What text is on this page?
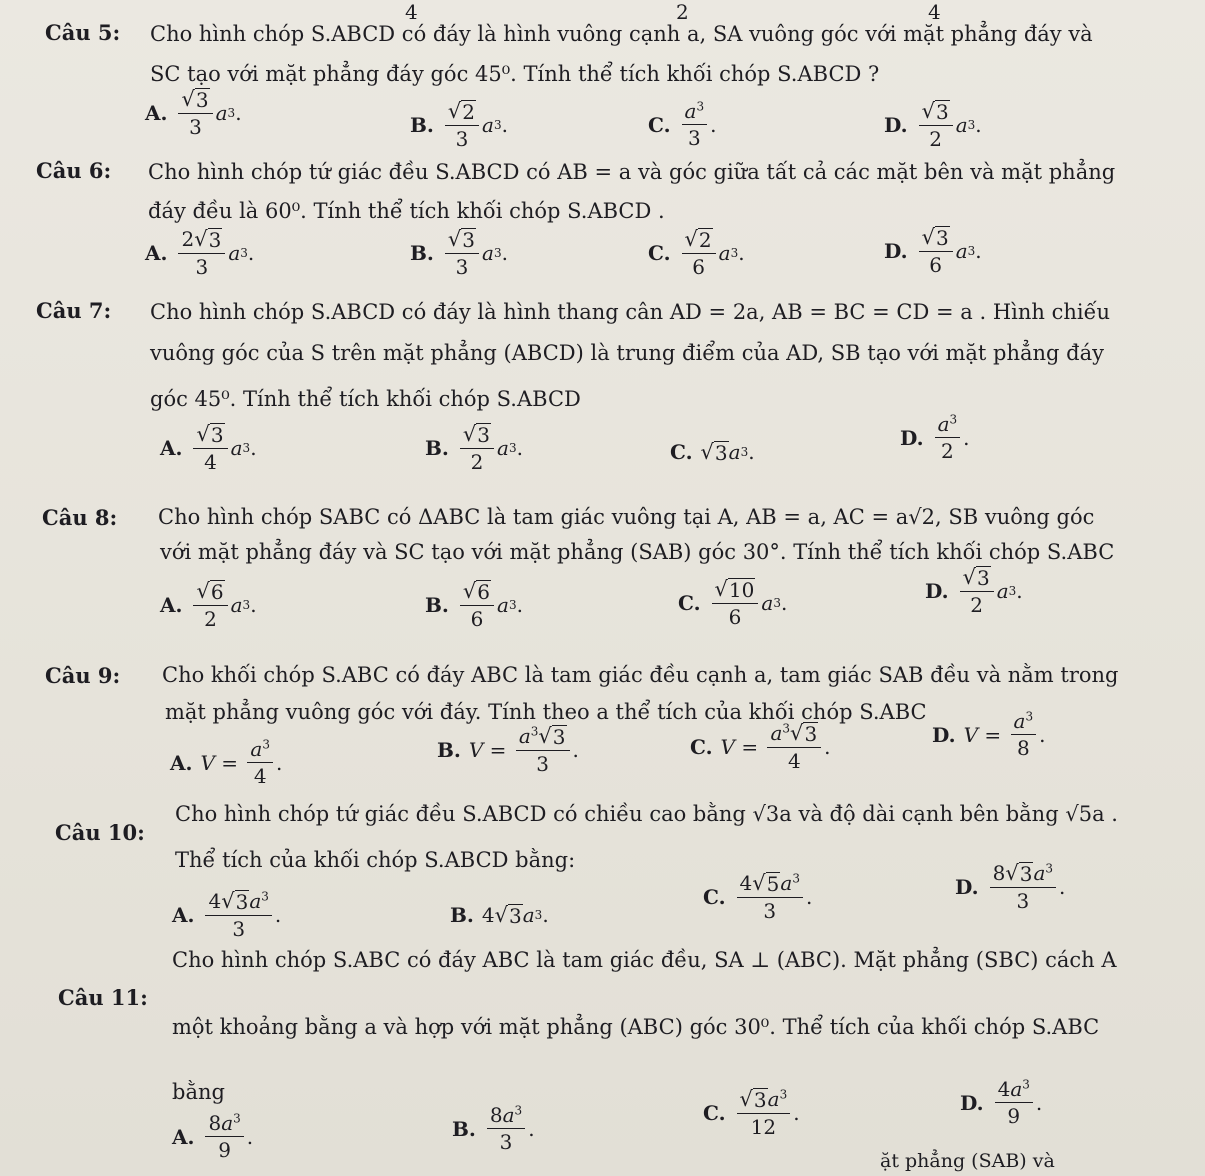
4	2	4
Câu 5: Cho hình chóp S.ABCD có đáy là hình vuông cạnh a, SA vuông góc với mặt phẳng đáy và
SC tạo với mặt phẳng đáy góc 45⁰. Tính thể tích khối chóp S.ABCD ?
A. $\frac{√ 3}{3}$ a 3 .	B. $\frac{√ 2}{3}$ a 3 .	C. $\frac{a^3}{3}$ .	D. $\frac{√ 3}{2}$ a 3 .
Câu 6: Cho hình chóp tứ giác đều S.ABCD có AB = a và góc giữa tất cả các mặt bên và mặt phẳng
đáy đều là 60⁰. Tính thể tích khối chóp S.ABCD .
A. $\frac{2 √ 3}{3}$ a 3 .	B. $\frac{√ 3}{3}$ a 3 .	C. $\frac{√ 2}{6}$ a 3 .	D. $\frac{√ 3}{6}$ a 3 .
Câu 7: Cho hình chóp S.ABCD có đáy là hình thang cân AD = 2a, AB = BC = CD = a . Hình chiếu
vuông góc của S trên mặt phẳng (ABCD) là trung điểm của AD, SB tạo với mặt phẳng đáy
góc 45⁰. Tính thể tích khối chóp S.ABCD
A. $\frac{√ 3}{4}$ a 3 .	B. $\frac{√ 3}{2}$ a 3 .	C. √ 3 a 3 .
D. $\frac{a^3}{2}$ .
Câu 8: Cho hình chóp SABC có ΔABC là tam giác vuông tại A, AB = a, AC = a√2, SB vuông góc
với mặt phẳng đáy và SC tạo với mặt phẳng (SAB) góc 30°. Tính thể tích khối chóp S.ABC
A. $\frac{√ 6}{2}$ a 3 .	B. $\frac{√ 6}{6}$ a 3 .	C. $\frac{√ 10}{6}$ a 3 .	D. $\frac{√ 3}{2}$ a 3 .
Câu 9: Cho khối chóp S.ABC có đáy ABC là tam giác đều cạnh a, tam giác SAB đều và nằm trong
mặt phẳng vuông góc với đáy. Tính theo a thể tích của khối chóp S.ABC
A. $V = \frac{a^3}{4}$ .
B. $V = \frac{a^3 √ 3}{3}$ .	C. $V = \frac{a^3 √ 3}{4}$ .
D. $V = \frac{a^3}{8}$ .
Câu 10:
Cho hình chóp tứ giác đều S.ABCD có chiều cao bằng √3a và độ dài cạnh bên bằng √5a .
Thể tích của khối chóp S.ABCD bằng:
A. $\frac{4 √ 3 a^3}{3}$ .	B. 4 √ 3 a 3 .
C. $\frac{4 √ 5 a^3}{3}$ .	D. $\frac{8 √ 3 a^3}{3}$ .
Câu 11:
Cho hình chóp S.ABC có đáy ABC là tam giác đều, SA ⊥ (ABC). Mặt phẳng (SBC) cách A
một khoảng bằng a và hợp với mặt phẳng (ABC) góc 30⁰. Thể tích của khối chóp S.ABC
bằng
A. $\frac{8a^3}{9}$ .	B. $\frac{8a^3}{3}$ .
C. $\frac{√ 3 a^3}{12}$ .	D. $\frac{4a^3}{9}$ .
ặt phẳng (SAB) và
